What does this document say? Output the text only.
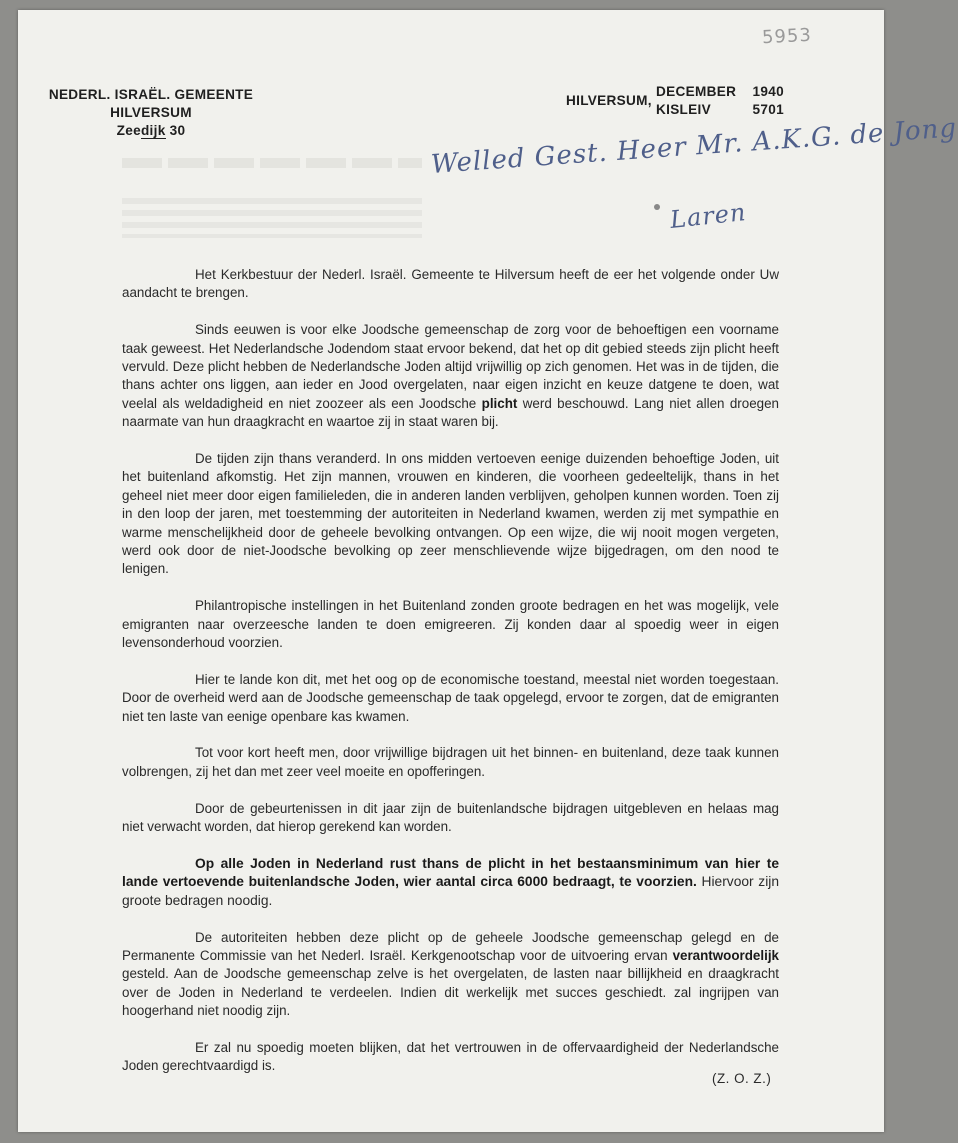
5953
NEDERL. ISRAËL. GEMEENTE
HILVERSUM
Zeedijk 30
HILVERSUM,
DECEMBER 1940
KISLEIV	5701
Welled Gest. Heer Mr. A.K.G. de Jong
Laren

Het Kerkbestuur der Nederl. Israël. Gemeente te Hilversum heeft de eer het volgende onder Uw aandacht te brengen.

Sinds eeuwen is voor elke Joodsche gemeenschap de zorg voor de behoeftigen een voorname taak geweest. Het Nederlandsche Jodendom staat ervoor bekend, dat het op dit gebied steeds zijn plicht heeft vervuld. Deze plicht hebben de Nederlandsche Joden altijd vrijwillig op zich genomen. Het was in de tijden, die thans achter ons liggen, aan ieder en Jood overgelaten, naar eigen inzicht en keuze datgene te doen, wat veelal als weldadigheid en niet zoozeer als een Joodsche plicht werd beschouwd. Lang niet allen droegen naarmate van hun draagkracht en waartoe zij in staat waren bij.

De tijden zijn thans veranderd. In ons midden vertoeven eenige duizenden behoeftige Joden, uit het buitenland afkomstig. Het zijn mannen, vrouwen en kinderen, die voorheen gedeeltelijk, thans in het geheel niet meer door eigen familieleden, die in anderen landen verblijven, geholpen kunnen worden. Toen zij in den loop der jaren, met toestemming der autoriteiten in Nederland kwamen, werden zij met sympathie en warme menschelijkheid door de geheele bevolking ontvangen. Op een wijze, die wij nooit mogen vergeten, werd ook door de niet-Joodsche bevolking op zeer menschlievende wijze bijgedragen, om den nood te lenigen.

Philantropische instellingen in het Buitenland zonden groote bedragen en het was mogelijk, vele emigranten naar overzeesche landen te doen emigreeren. Zij konden daar al spoedig weer in eigen levensonderhoud voorzien.

Hier te lande kon dit, met het oog op de economische toestand, meestal niet worden toegestaan. Door de overheid werd aan de Joodsche gemeenschap de taak opgelegd, ervoor te zorgen, dat de emigranten niet ten laste van eenige openbare kas kwamen.

Tot voor kort heeft men, door vrijwillige bijdragen uit het binnen- en buitenland, deze taak kunnen volbrengen, zij het dan met zeer veel moeite en opofferingen.

Door de gebeurtenissen in dit jaar zijn de buitenlandsche bijdragen uitgebleven en helaas mag niet verwacht worden, dat hierop gerekend kan worden.

Op alle Joden in Nederland rust thans de plicht in het bestaansminimum van hier te lande vertoevende buitenlandsche Joden, wier aantal circa 6000 bedraagt, te voorzien. Hiervoor zijn groote bedragen noodig.

De autoriteiten hebben deze plicht op de geheele Joodsche gemeenschap gelegd en de Permanente Commissie van het Nederl. Israël. Kerkgenootschap voor de uitvoering ervan verantwoordelijk gesteld. Aan de Joodsche gemeenschap zelve is het overgelaten, de lasten naar billijkheid en draagkracht over de Joden in Nederland te verdeelen. Indien dit werkelijk met succes geschiedt. zal ingrijpen van hoogerhand niet noodig zijn.

Er zal nu spoedig moeten blijken, dat het vertrouwen in de offervaardigheid der Nederlandsche Joden gerechtvaardigd is.

(Z. O. Z.)
